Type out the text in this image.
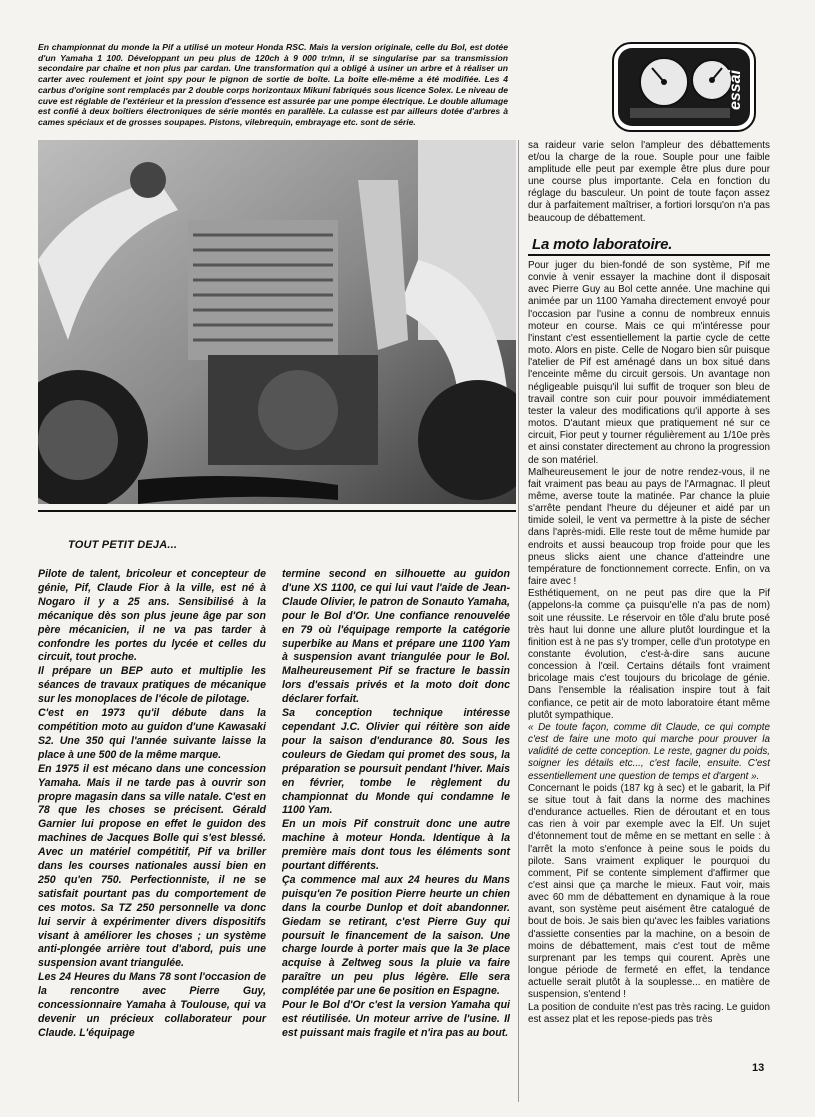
En championnat du monde la Pif a utilisé un moteur Honda RSC. Mais la version originale, celle du Bol, est dotée d'un Yamaha 1 100. Développant un peu plus de 120ch à 9 000 tr/mn, il se singularise par sa transmission secondaire par chaîne et non plus par cardan. Une transformation qui a obligé à usiner un arbre et à réaliser un carter avec roulement et joint spy pour le pignon de sortie de boîte. La boîte elle-même a été modifiée. Les 4 carbus d'origine sont remplacés par 2 double corps horizontaux Mikuni fabriqués sous licence Solex. Le niveau de cuve est réglable de l'extérieur et la pression d'essence est assurée par une pompe électrique. Le double allumage est confié à deux boîtiers électroniques de série montés en parallèle. La culasse est par ailleurs dotée d'arbres à cames spéciaux et de grosses soupapes. Pistons, vilebrequin, embrayage etc. sont de série.

essai

TOUT PETIT DEJA...

Pilote de talent, bricoleur et concepteur de génie, Pif, Claude Fior à la ville, est né à Nogaro il y a 25 ans. Sensibilisé à la mécanique dès son plus jeune âge par son père mécanicien, il ne va pas tarder à confondre les portes du lycée et celles du circuit, tout proche.

Il prépare un BEP auto et multiplie les séances de travaux pratiques de mécanique sur les monoplaces de l'école de pilotage.

C'est en 1973 qu'il débute dans la compétition moto au guidon d'une Kawasaki S2. Une 350 qui l'année suivante laisse la place à une 500 de la même marque.

En 1975 il est mécano dans une concession Yamaha. Mais il ne tarde pas à ouvrir son propre magasin dans sa ville natale. C'est en 78 que les choses se précisent. Gérald Garnier lui propose en effet le guidon des machines de Jacques Bolle qui s'est blessé. Avec un matériel compétitif, Pif va briller dans les courses nationales aussi bien en 250 qu'en 750. Perfectionniste, il ne se satisfait pourtant pas du comportement de ces motos. Sa TZ 250 personnelle va donc lui servir à expérimenter divers dispositifs visant à améliorer les choses ; un système anti-plongée arrière tout d'abord, puis une suspension avant triangulée.

Les 24 Heures du Mans 78 sont l'occasion de la rencontre avec Pierre Guy, concessionnaire Yamaha à Toulouse, qui va devenir un précieux collaborateur pour Claude. L'équipage

termine second en silhouette au guidon d'une XS 1100, ce qui lui vaut l'aide de Jean-Claude Olivier, le patron de Sonauto Yamaha, pour le Bol d'Or. Une confiance renouvelée en 79 où l'équipage remporte la catégorie superbike au Mans et prépare une 1100 Yam à suspension avant triangulée pour le Bol. Malheureusement Pif se fracture le bassin lors d'essais privés et la moto doit donc déclarer forfait.

Sa conception technique intéresse cependant J.C. Olivier qui réitère son aide pour la saison d'endurance 80. Sous les couleurs de Giedam qui promet des sous, la préparation se poursuit pendant l'hiver. Mais en février, tombe le règlement du championnat du Monde qui condamne le 1100 Yam.

En un mois Pif construit donc une autre machine à moteur Honda. Identique à la première mais dont tous les éléments sont pourtant différents.

Ça commence mal aux 24 heures du Mans puisqu'en 7e position Pierre heurte un chien dans la courbe Dunlop et doit abandonner. Giedam se retirant, c'est Pierre Guy qui poursuit le financement de la saison. Une charge lourde à porter mais que la 3e place acquise à Zeltweg sous la pluie va faire paraître un peu plus légère. Elle sera complétée par une 6e position en Espagne.

Pour le Bol d'Or c'est la version Yamaha qui est réutilisée. Un moteur arrive de l'usine. Il est puissant mais fragile et n'ira pas au bout.

sa raideur varie selon l'ampleur des débattements et/ou la charge de la roue. Souple pour une faible amplitude elle peut par exemple être plus dure pour une course plus importante. Cela en fonction du réglage du basculeur. Un point de toute façon assez dur à parfaitement maîtriser, a fortiori lorsqu'on n'a pas beaucoup de débattement.

La moto laboratoire.

Pour juger du bien-fondé de son système, Pif me convie à venir essayer la machine dont il disposait avec Pierre Guy au Bol cette année. Une machine qui animée par un 1100 Yamaha directement envoyé pour l'occasion par l'usine a connu de nombreux ennuis moteur en course. Mais ce qui m'intéresse pour l'instant c'est essentiellement la partie cycle de cette moto. Alors en piste. Celle de Nogaro bien sûr puisque l'atelier de Pif est aménagé dans un box situé dans l'enceinte même du circuit gersois. Un avantage non négligeable puisqu'il lui suffit de troquer son bleu de travail contre son cuir pour pouvoir immédiatement tester la valeur des modifications qu'il apporte à ses motos. D'autant mieux que pratiquement né sur ce circuit, Fior peut y tourner régulièrement au 1/10e près et ainsi constater directement au chrono la progression de son matériel.

Malheureusement le jour de notre rendez-vous, il ne fait vraiment pas beau au pays de l'Armagnac. Il pleut même, averse toute la matinée. Par chance la pluie s'arrête pendant l'heure du déjeuner et aidé par un timide soleil, le vent va permettre à la piste de sécher dans l'après-midi. Elle reste tout de même humide par endroits et aussi beaucoup trop froide pour que les pneus slicks aient une chance d'atteindre une température de fonctionnement correcte. Enfin, on va faire avec !

Esthétiquement, on ne peut pas dire que la Pif (appelons-la comme ça puisqu'elle n'a pas de nom) soit une réussite. Le réservoir en tôle d'alu brute posé très haut lui donne une allure plutôt lourdingue et la finition est à ne pas s'y tromper, celle d'un prototype en constante évolution, c'est-à-dire sans aucune concession à l'œil. Certains détails font vraiment bricolage mais c'est toujours du bricolage de génie. Dans l'ensemble la réalisation inspire tout à fait confiance, ce petit air de moto laboratoire étant même plutôt sympathique.

« De toute façon, comme dit Claude, ce qui compte c'est de faire une moto qui marche pour prouver la validité de cette conception. Le reste, gagner du poids, soigner les détails etc..., c'est facile, ensuite. C'est essentiellement une question de temps et d'argent ».

Concernant le poids (187 kg à sec) et le gabarit, la Pif se situe tout à fait dans la norme des machines d'endurance actuelles. Rien de déroutant et en tous cas rien à voir par exemple avec la Elf. Un sujet d'étonnement tout de même en se mettant en selle : à l'arrêt la moto s'enfonce à peine sous le poids du pilote. Sans vraiment expliquer le pourquoi du comment, Pif se contente simplement d'affirmer que c'est ainsi que ça marche le mieux. Faut voir, mais avec 60 mm de débattement en dynamique à la roue avant, son système peut aisément être catalogué de bout de bois. Je sais bien qu'avec les faibles variations d'assiette consenties par la machine, on a besoin de moins de débattement, mais c'est tout de même surprenant par les temps qui courent. Après une longue période de fermeté en effet, la tendance actuelle serait plutôt à la souplesse... en matière de suspension, s'entend !

La position de conduite n'est pas très racing. Le guidon est assez plat et les repose-pieds pas très

13
